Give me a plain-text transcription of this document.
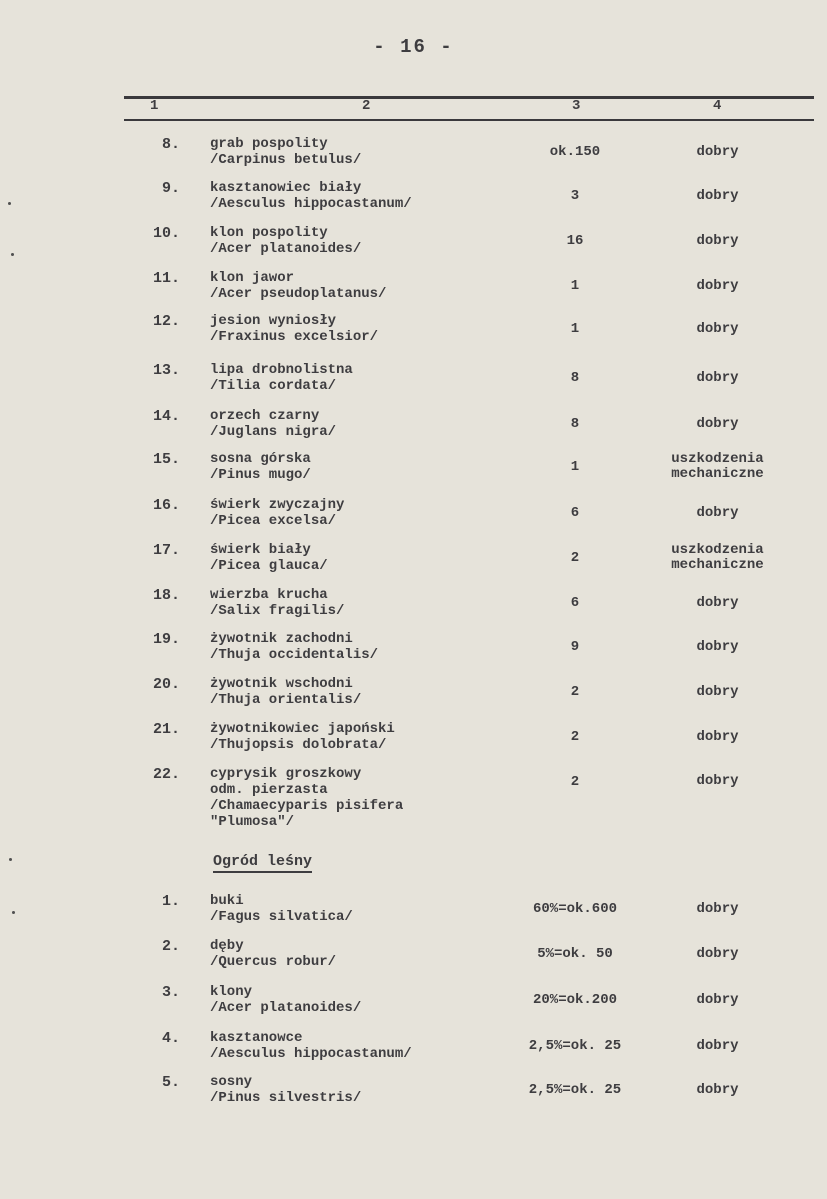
- 16 -
1	2	3	4
8. grab pospolity
/Carpinus betulus/	ok.150	dobry
9. kasztanowiec biały
/Aesculus hippocastanum/	3	dobry
10. klon pospolity
/Acer platanoides/	16	dobry
11. klon jawor
/Acer pseudoplatanus/	1	dobry
12. jesion wyniosły
/Fraxinus excelsior/	1	dobry
13. lipa drobnolistna
/Tilia cordata/	8	dobry
14. orzech czarny
/Juglans nigra/	8	dobry
15. sosna górska
/Pinus mugo/	1	uszkodzenia
mechaniczne
16. świerk zwyczajny
/Picea excelsa/	6	dobry
17. świerk biały
/Picea glauca/	2	uszkodzenia
mechaniczne
18. wierzba krucha
/Salix fragilis/	6	dobry
19. żywotnik zachodni
/Thuja occidentalis/	9	dobry
20. żywotnik wschodni
/Thuja orientalis/	2	dobry
21. żywotnikowiec japoński
/Thujopsis dolobrata/	2	dobry
22. cyprysik groszkowy
odm. pierzasta
/Chamaecyparis pisifera
"Plumosa"/
2	dobry
Ogród leśny
1. buki
/Fagus silvatica/	60%=ok.600	dobry
2. dęby
/Quercus robur/	5%=ok. 50	dobry
3. klony
/Acer platanoides/	20%=ok.200	dobry
4. kasztanowce
/Aesculus hippocastanum/	2,5%=ok. 25	dobry
5. sosny
/Pinus silvestris/	2,5%=ok. 25	dobry
